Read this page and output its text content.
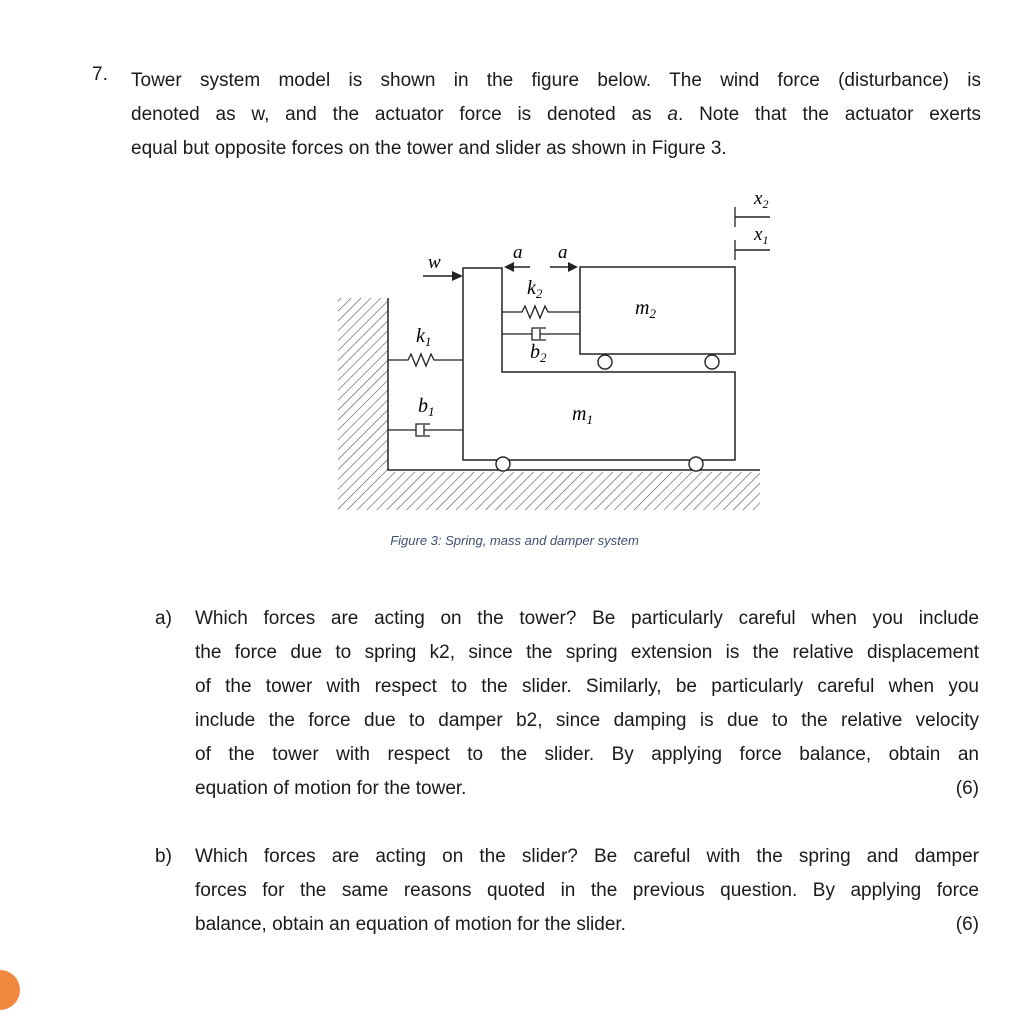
7. Tower system model is shown in the figure below. The wind force (disturbance) is
denoted as w, and the actuator force is denoted as a. Note that the actuator exerts
equal but opposite forces on the tower and slider as shown in Figure 3.
w	a a
$k_2$
$b_2$
$k_1$
$b_1$
$m_2$
$m_1$
$x_2$
$x_1$
Figure 3: Spring, mass and damper system
a) Which forces are acting on the tower? Be particularly careful when you include
the force due to spring k2, since the spring extension is the relative displacement
of the tower with respect to the slider. Similarly, be particularly careful when you
include the force due to damper b2, since damping is due to the relative velocity
of the tower with respect to the slider. By applying force balance, obtain an
equation of motion for the tower.	(6)
b) Which forces are acting on the slider? Be careful with the spring and damper
forces for the same reasons quoted in the previous question. By applying force
balance, obtain an equation of motion for the slider.	(6)
